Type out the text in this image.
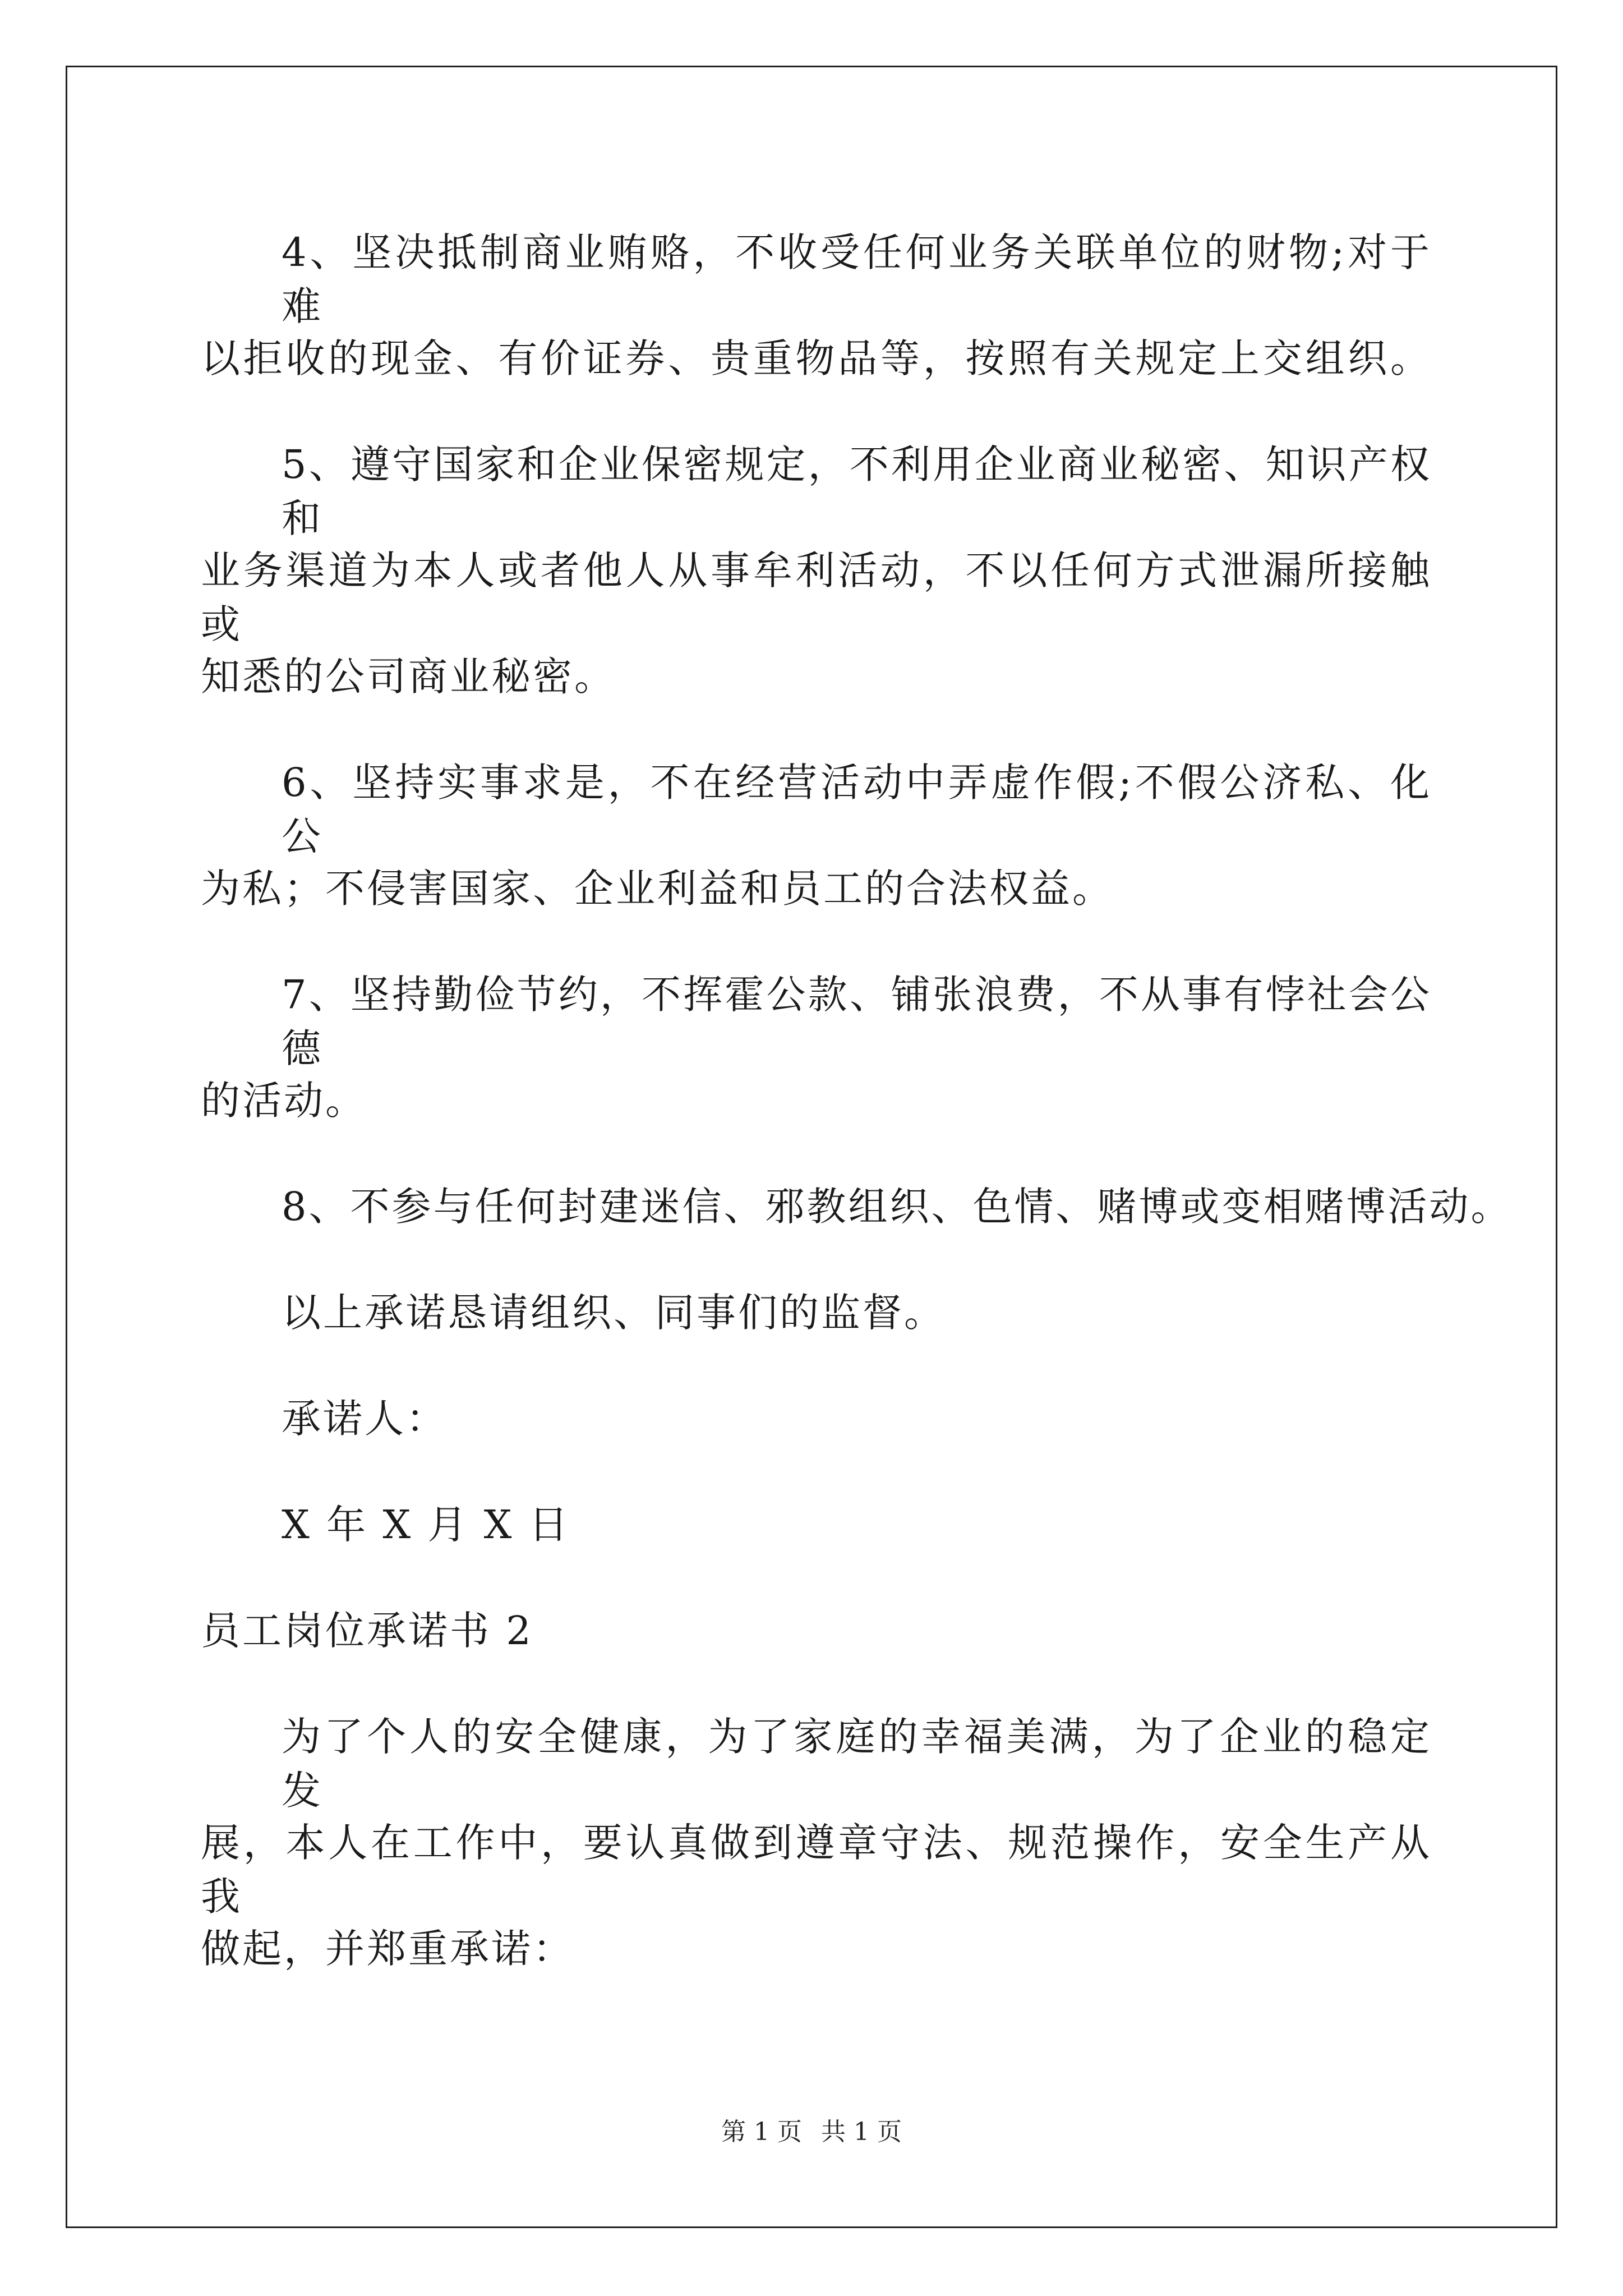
4、坚决抵制商业贿赂，不收受任何业务关联单位的财物;对于难
以拒收的现金、有价证券、贵重物品等，按照有关规定上交组织。
5、遵守国家和企业保密规定，不利用企业商业秘密、知识产权和
业务渠道为本人或者他人从事牟利活动，不以任何方式泄漏所接触或
知悉的公司商业秘密。
6、坚持实事求是，不在经营活动中弄虚作假;不假公济私、化公
为私；不侵害国家、企业利益和员工的合法权益。
7、坚持勤俭节约，不挥霍公款、铺张浪费，不从事有悖社会公德
的活动。
8、不参与任何封建迷信、邪教组织、色情、赌博或变相赌博活动。
以上承诺恳请组织、同事们的监督。
承诺人：
X 年 X 月 X 日
员工岗位承诺书 2
为了个人的安全健康，为了家庭的幸福美满，为了企业的稳定发
展，本人在工作中，要认真做到遵章守法、规范操作，安全生产从我
做起，并郑重承诺：
第 1 页 共 1 页
